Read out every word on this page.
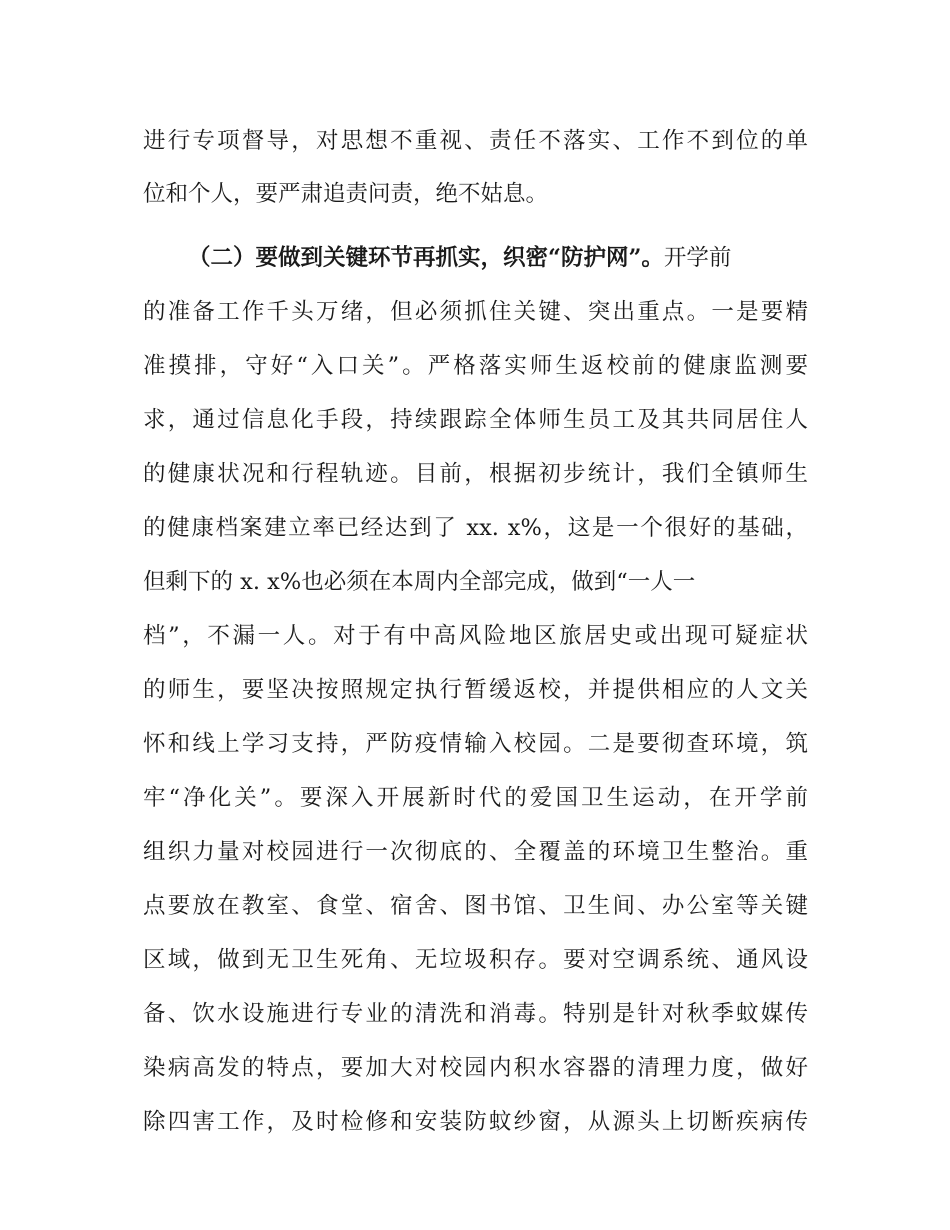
进行专项督导，对思想不重视、责任不落实、工作不到位的单
位和个人，要严肃追责问责，绝不姑息。
（二）要做到关键环节再抓实，织密“防护网”。开学前
的准备工作千头万绪，但必须抓住关键、突出重点。一是要精
准摸排，守好“入口关”。严格落实师生返校前的健康监测要
求，通过信息化手段，持续跟踪全体师生员工及其共同居住人
的健康状况和行程轨迹。目前，根据初步统计，我们全镇师生
的健康档案建立率已经达到了 xx. x%，这是一个很好的基础，
但剩下的 x. x%也必须在本周内全部完成，做到“一人一
档”，不漏一人。对于有中高风险地区旅居史或出现可疑症状
的师生，要坚决按照规定执行暂缓返校，并提供相应的人文关
怀和线上学习支持，严防疫情输入校园。二是要彻查环境，筑
牢“净化关”。要深入开展新时代的爱国卫生运动，在开学前
组织力量对校园进行一次彻底的、全覆盖的环境卫生整治。重
点要放在教室、食堂、宿舍、图书馆、卫生间、办公室等关键
区域，做到无卫生死角、无垃圾积存。要对空调系统、通风设
备、饮水设施进行专业的清洗和消毒。特别是针对秋季蚊媒传
染病高发的特点，要加大对校园内积水容器的清理力度，做好
除四害工作，及时检修和安装防蚊纱窗，从源头上切断疾病传
